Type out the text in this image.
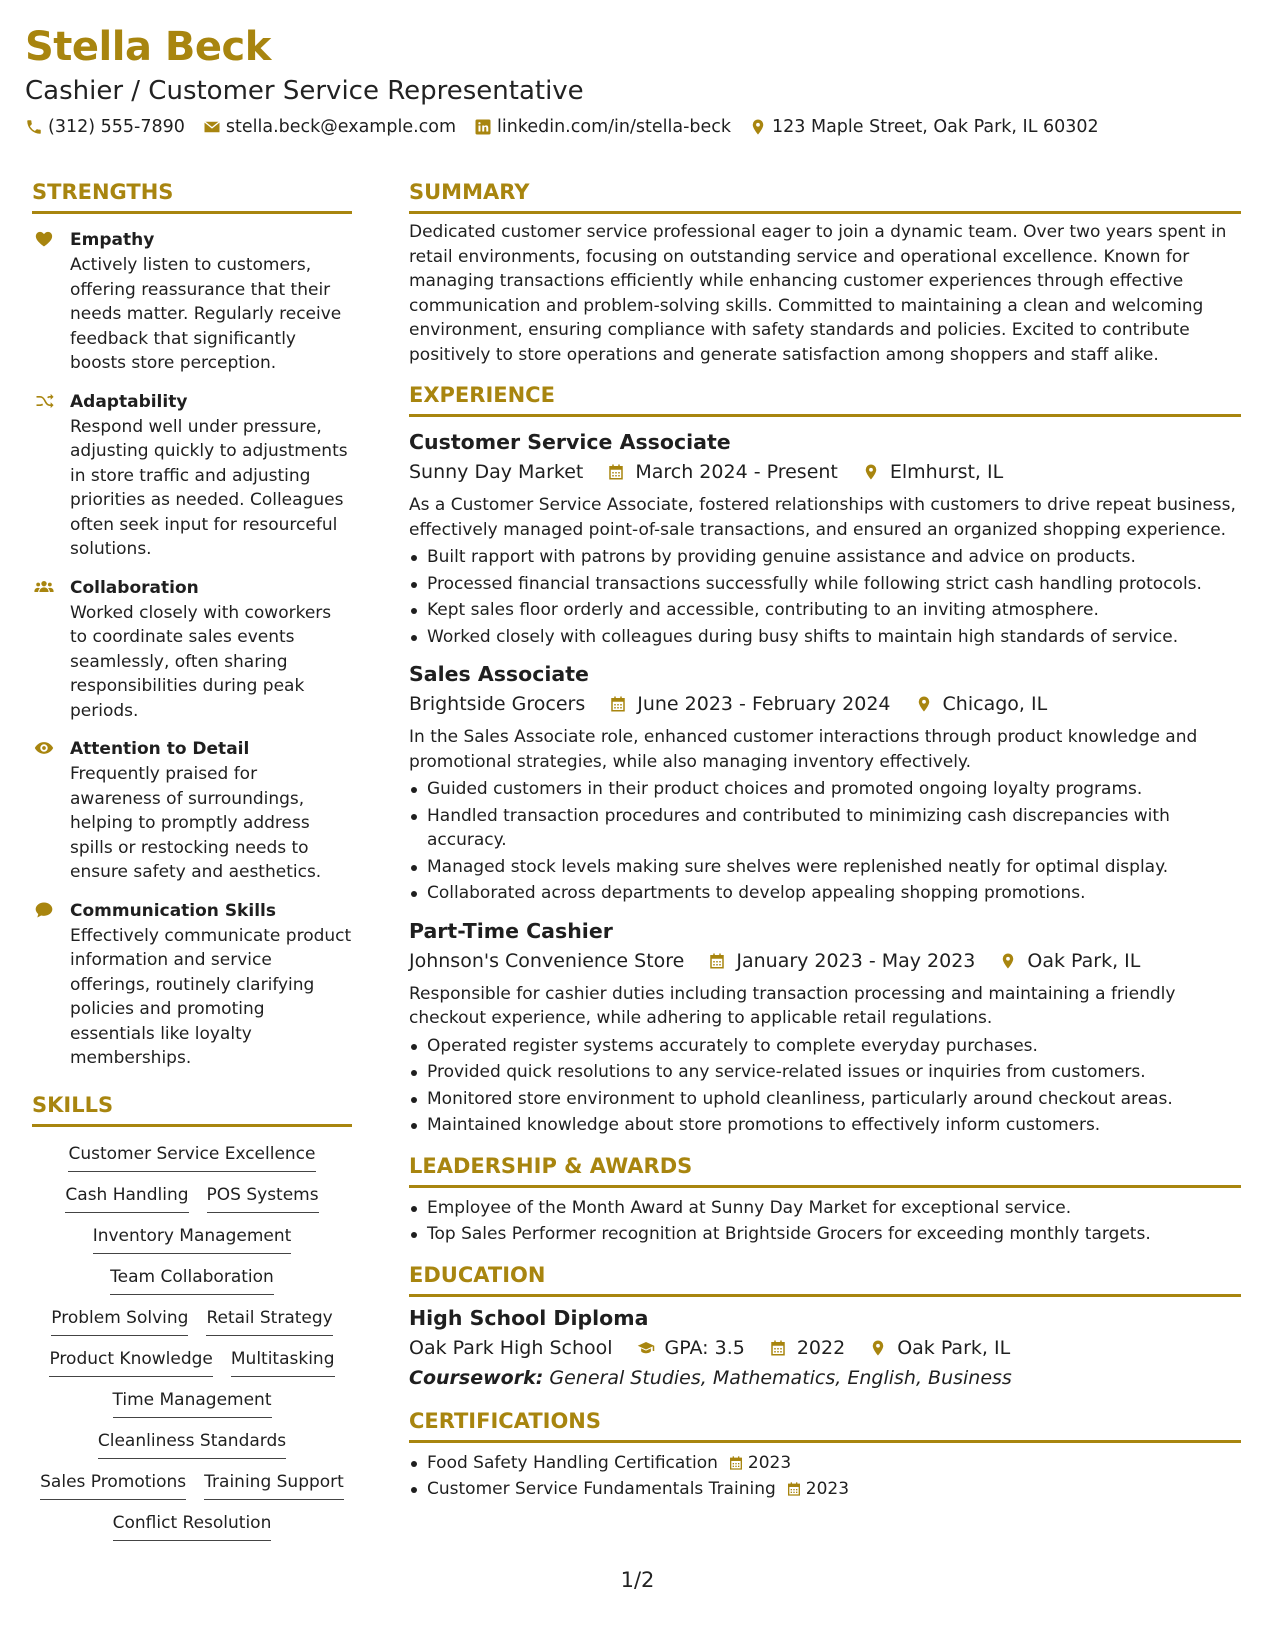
Stella Beck
Cashier / Customer Service Representative
(312) 555-7890 stella.beck@example.com linkedin.com/in/stella-beck 123 Maple Street, Oak Park, IL 60302
STRENGTHS
Empathy
Actively listen to customers, offering reassurance that their needs matter. Regularly receive feedback that significantly boosts store perception.
Adaptability
Respond well under pressure, adjusting quickly to adjustments in store traffic and adjusting priorities as needed. Colleagues often seek input for resourceful solutions.
Collaboration
Worked closely with coworkers to coordinate sales events seamlessly, often sharing responsibilities during peak periods.
Attention to Detail
Frequently praised for awareness of surroundings, helping to promptly address spills or restocking needs to ensure safety and aesthetics.
Communication Skills
Effectively communicate product information and service offerings, routinely clarifying policies and promoting essentials like loyalty memberships.
SKILLS
Customer Service Excellence
Cash Handling POS Systems
Inventory Management
Team Collaboration
Problem Solving Retail Strategy
Product Knowledge Multitasking
Time Management
Cleanliness Standards
Sales Promotions Training Support
Conflict Resolution
SUMMARY
Dedicated customer service professional eager to join a dynamic team. Over two years spent in retail environments, focusing on outstanding service and operational excellence. Known for managing transactions efficiently while enhancing customer experiences through effective communication and problem-solving skills. Committed to maintaining a clean and welcoming environment, ensuring compliance with safety standards and policies. Excited to contribute positively to store operations and generate satisfaction among shoppers and staff alike.
EXPERIENCE
Customer Service Associate
Sunny Day Market	March 2024 - Present	Elmhurst, IL
As a Customer Service Associate, fostered relationships with customers to drive repeat business, effectively managed point-of-sale transactions, and ensured an organized shopping experience.
Built rapport with patrons by providing genuine assistance and advice on products.
Processed financial transactions successfully while following strict cash handling protocols.
Kept sales floor orderly and accessible, contributing to an inviting atmosphere.
Worked closely with colleagues during busy shifts to maintain high standards of service.
Sales Associate
Brightside Grocers	June 2023 - February 2024	Chicago, IL
In the Sales Associate role, enhanced customer interactions through product knowledge and promotional strategies, while also managing inventory effectively.
Guided customers in their product choices and promoted ongoing loyalty programs.
Handled transaction procedures and contributed to minimizing cash discrepancies with accuracy.
Managed stock levels making sure shelves were replenished neatly for optimal display.
Collaborated across departments to develop appealing shopping promotions.
Part-Time Cashier
Johnson's Convenience Store	January 2023 - May 2023	Oak Park, IL
Responsible for cashier duties including transaction processing and maintaining a friendly checkout experience, while adhering to applicable retail regulations.
Operated register systems accurately to complete everyday purchases.
Provided quick resolutions to any service-related issues or inquiries from customers.
Monitored store environment to uphold cleanliness, particularly around checkout areas.
Maintained knowledge about store promotions to effectively inform customers.
LEADERSHIP & AWARDS
Employee of the Month Award at Sunny Day Market for exceptional service.
Top Sales Performer recognition at Brightside Grocers for exceeding monthly targets.
EDUCATION
High School Diploma
Oak Park High School	GPA: 3.5	2022	Oak Park, IL
Coursework: General Studies, Mathematics, English, Business
CERTIFICATIONS
Food Safety Handling Certification 2023
Customer Service Fundamentals Training 2023
1/2
